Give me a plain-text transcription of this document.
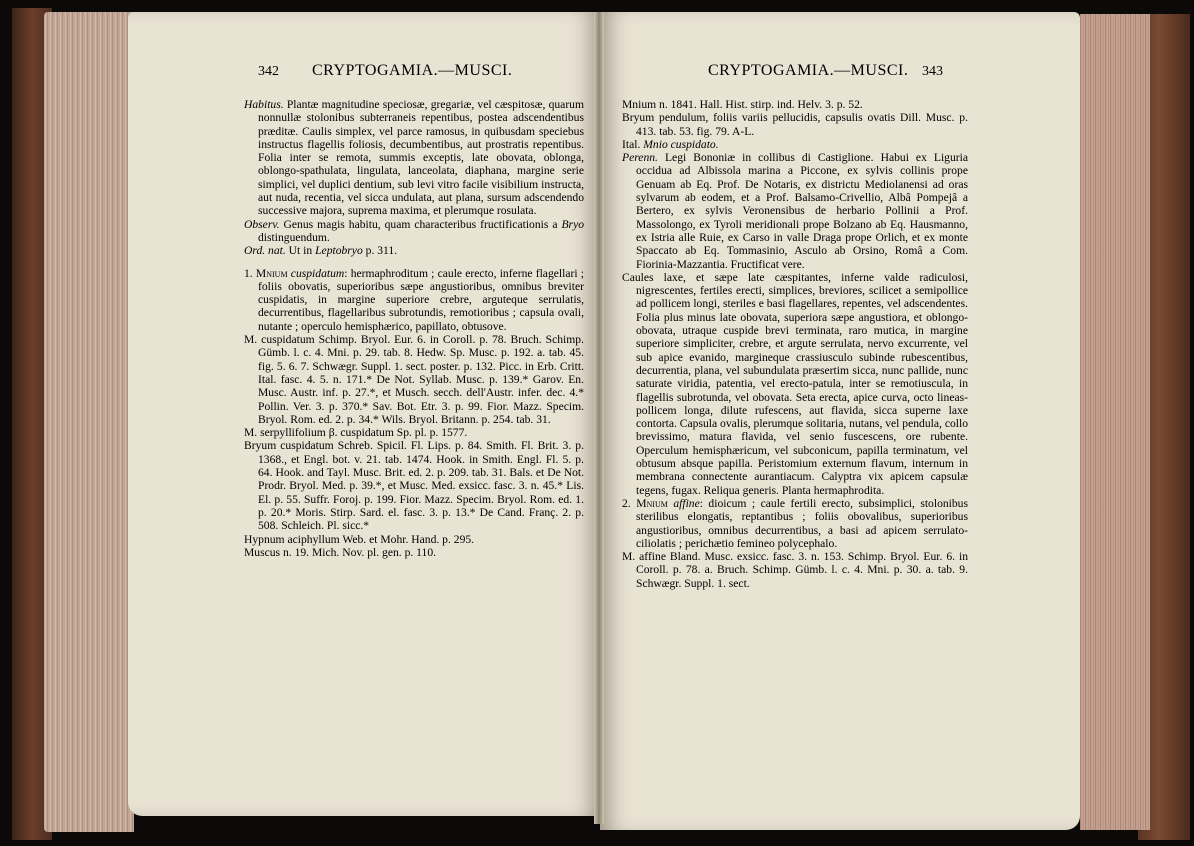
342 CRYPTOGAMIA.—MUSCI.
Habitus. Plantæ magnitudine speciosæ, gregariæ, vel cæspitosæ, quarum nonnullæ stolonibus subterraneis repentibus, postea adscendentibus præditæ. Caulis simplex, vel parce ramosus, in quibusdam speciebus instructus flagellis foliosis, decumbentibus, aut prostratis repentibus. Folia inter se remota, summis exceptis, late obovata, oblonga, oblongo-spathulata, lingulata, lanceolata, diaphana, margine serie simplici, vel duplici dentium, sub levi vitro facile visibilium instructa, aut nuda, recentia, vel sicca undulata, aut plana, sursum adscendendo successive majora, suprema maxima, et plerumque rosulata.
Observ. Genus magis habitu, quam characteribus fructificationis a Bryo distinguendum.
Ord. nat. Ut in Leptobryo p. 311.
1. Mnium cuspidatum: hermaphroditum ; caule erecto, inferne flagellari ; foliis obovatis, superioribus sæpe angustioribus, omnibus breviter cuspidatis, in margine superiore crebre, arguteque serrulatis, decurrentibus, flagellaribus subrotundis, remotioribus ; capsula ovali, nutante ; operculo hemisphærico, papillato, obtusove.
M. cuspidatum Schimp. Bryol. Eur. 6. in Coroll. p. 78. Bruch. Schimp. Gümb. l. c. 4. Mni. p. 29. tab. 8. Hedw. Sp. Musc. p. 192. a. tab. 45. fig. 5. 6. 7. Schwægr. Suppl. 1. sect. poster. p. 132. Picc. in Erb. Critt. Ital. fasc. 4. 5. n. 171.* De Not. Syllab. Musc. p. 139.* Garov. En. Musc. Austr. inf. p. 27.*, et Musch. secch. dell'Austr. infer. dec. 4.* Pollin. Ver. 3. p. 370.* Sav. Bot. Etr. 3. p. 99. Fior. Mazz. Specim. Bryol. Rom. ed. 2. p. 34.* Wils. Bryol. Britann. p. 254. tab. 31.
M. serpyllifolium β. cuspidatum Sp. pl. p. 1577.
Bryum cuspidatum Schreb. Spicil. Fl. Lips. p. 84. Smith. Fl. Brit. 3. p. 1368., et Engl. bot. v. 21. tab. 1474. Hook. in Smith. Engl. Fl. 5. p. 64. Hook. and Tayl. Musc. Brit. ed. 2. p. 209. tab. 31. Bals. et De Not. Prodr. Bryol. Med. p. 39.*, et Musc. Med. exsicc. fasc. 3. n. 45.* Lis. El. p. 55. Suffr. Foroj. p. 199. Fior. Mazz. Specim. Bryol. Rom. ed. 1. p. 20.* Moris. Stirp. Sard. el. fasc. 3. p. 13.* De Cand. Franç. 2. p. 508. Schleich. Pl. sicc.*
Hypnum aciphyllum Web. et Mohr. Hand. p. 295.
Muscus n. 19. Mich. Nov. pl. gen. p. 110.
CRYPTOGAMIA.—MUSCI. 343
Mnium n. 1841. Hall. Hist. stirp. ind. Helv. 3. p. 52.
Bryum pendulum, foliis variis pellucidis, capsulis ovatis Dill. Musc. p. 413. tab. 53. fig. 79. A-L.
Ital. Mnio cuspidato.
Perenn. Legi Bononiæ in collibus di Castiglione. Habui ex Liguria occidua ad Albissola marina a Piccone, ex sylvis collinis prope Genuam ab Eq. Prof. De Notaris, ex districtu Mediolanensi ad oras sylvarum ab eodem, et a Prof. Balsamo-Crivellio, Albâ Pompejâ a Bertero, ex sylvis Veronensibus de herbario Pollinii a Prof. Massolongo, ex Tyroli meridionali prope Bolzano ab Eq. Hausmanno, ex Istria alle Ruie, ex Carso in valle Draga prope Orlich, et ex monte Spaccato ab Eq. Tommasinio, Asculo ab Orsino, Româ a Com. Fiorinia-Mazzantia. Fructificat vere.
Caules laxe, et sæpe late cæspitantes, inferne valde radiculosi, nigrescentes, fertiles erecti, simplices, breviores, scilicet a semipollice ad pollicem longi, steriles e basi flagellares, repentes, vel adscendentes. Folia plus minus late obovata, superiora sæpe angustiora, et oblongo-obovata, utraque cuspide brevi terminata, raro mutica, in margine superiore simpliciter, crebre, et argute serrulata, nervo excurrente, vel sub apice evanido, margineque crassiusculo subinde rubescentibus, decurrentia, plana, vel subundulata præsertim sicca, nunc pallide, nunc saturate viridia, patentia, vel erecto-patula, inter se remotiuscula, in flagellis subrotunda, vel obovata. Seta erecta, apice curva, octo lineas-pollicem longa, dilute rufescens, aut flavida, sicca superne laxe contorta. Capsula ovalis, plerumque solitaria, nutans, vel pendula, collo brevissimo, matura flavida, vel senio fuscescens, ore rubente. Operculum hemisphæricum, vel subconicum, papilla terminatum, vel obtusum absque papilla. Peristomium externum flavum, internum in membrana connectente aurantiacum. Calyptra vix apicem capsulæ tegens, fugax. Reliqua generis. Planta hermaphrodita.
2. Mnium affine: dioicum ; caule fertili erecto, subsimplici, stolonibus sterilibus elongatis, reptantibus ; foliis obovalibus, superioribus angustioribus, omnibus decurrentibus, a basi ad apicem serrulato-ciliolatis ; perichætio femineo polycephalo.
M. affine Bland. Musc. exsicc. fasc. 3. n. 153. Schimp. Bryol. Eur. 6. in Coroll. p. 78. a. Bruch. Schimp. Gümb. l. c. 4. Mni. p. 30. a. tab. 9. Schwægr. Suppl. 1. sect.
